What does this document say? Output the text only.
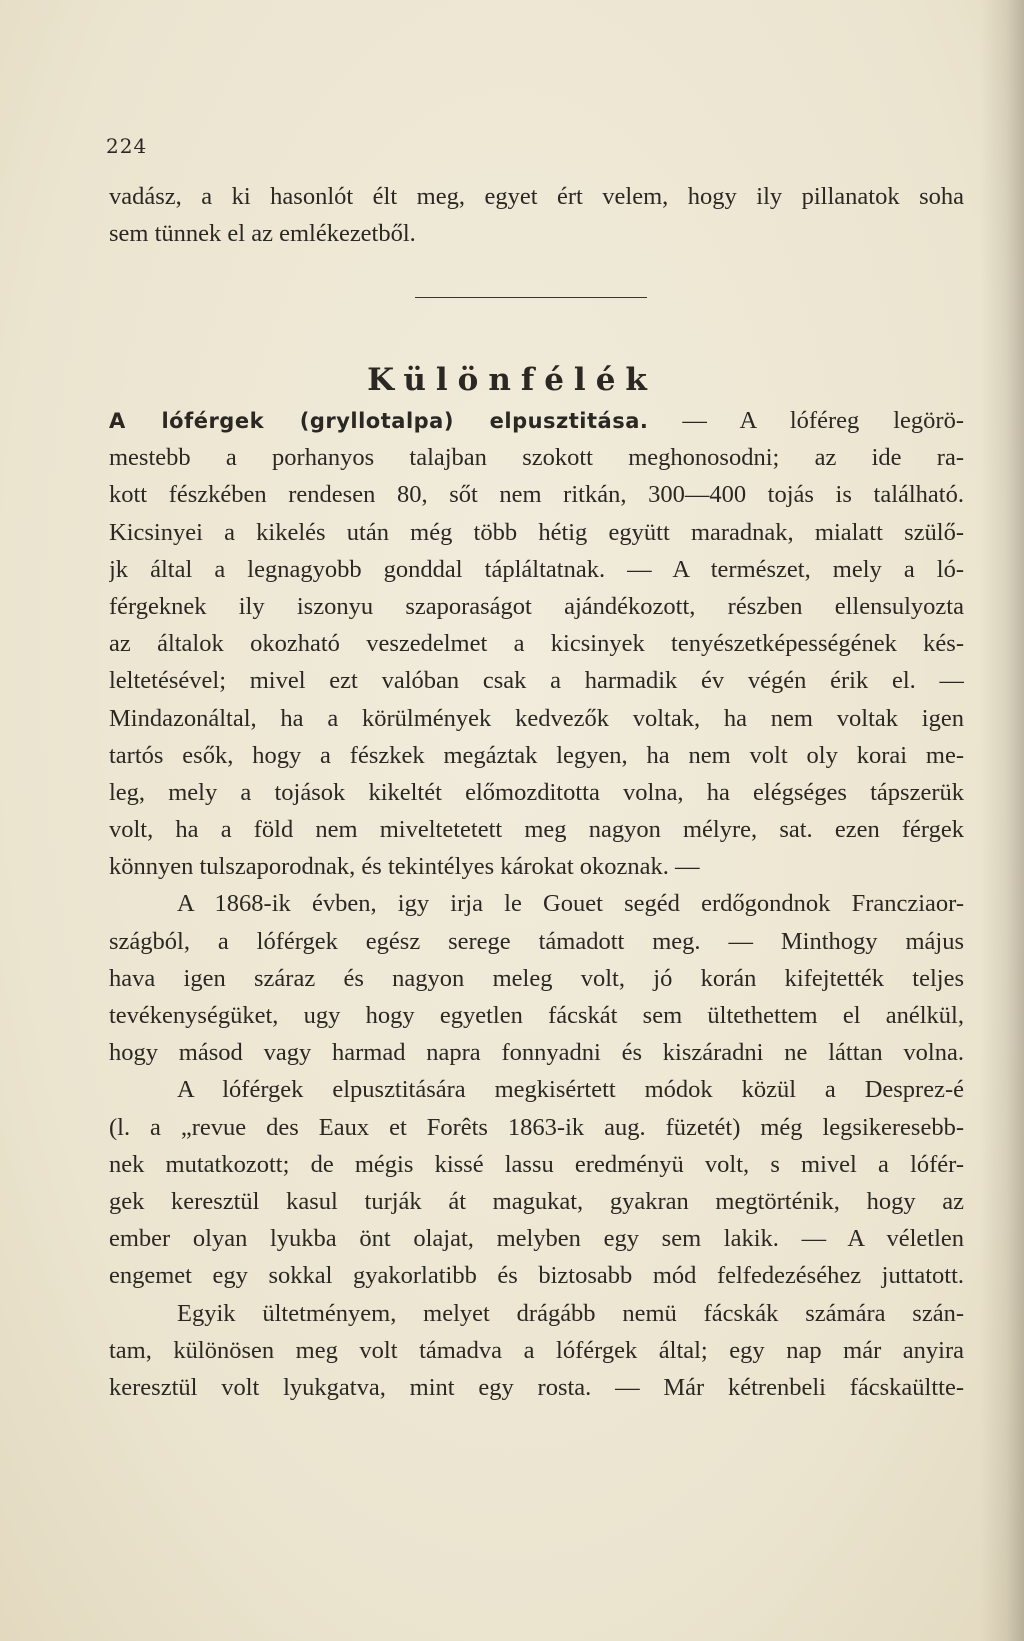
224
vadász, a ki hasonlót élt meg, egyet ért velem, hogy ily pillanatok soha
sem tünnek el az emlékezetből.
Különfélék
A lóférgek (gryllotalpa) elpusztitása. — A lóféreg legörö-
mestebb a porhanyos talajban szokott meghonosodni; az ide ra-
kott fészkében rendesen 80, sőt nem ritkán, 300—400 tojás is található.
Kicsinyei a kikelés után még több hétig együtt maradnak, mialatt szülő-
jk által a legnagyobb gonddal tápláltatnak. — A természet, mely a ló-
férgeknek ily iszonyu szaporaságot ajándékozott, részben ellensulyozta
az általok okozható veszedelmet a kicsinyek tenyészetképességének kés-
leltetésével; mivel ezt valóban csak a harmadik év végén érik el. —
Mindazonáltal, ha a körülmények kedvezők voltak, ha nem voltak igen
tartós esők, hogy a fészkek megáztak legyen, ha nem volt oly korai me-
leg, mely a tojások kikeltét előmozditotta volna, ha elégséges tápszerük
volt, ha a föld nem miveltetetett meg nagyon mélyre, sat. ezen férgek
könnyen tulszaporodnak, és tekintélyes károkat okoznak. —
A 1868-ik évben, igy irja le Gouet segéd erdőgondnok Francziaor-
szágból, a lóférgek egész serege támadott meg. — Minthogy május
hava igen száraz és nagyon meleg volt, jó korán kifejtették teljes
tevékenységüket, ugy hogy egyetlen fácskát sem ültethettem el anélkül,
hogy másod vagy harmad napra fonnyadni és kiszáradni ne láttan volna.
A lóférgek elpusztitására megkisértett módok közül a Desprez-é
(l. a „revue des Eaux et Forêts 1863-ik aug. füzetét) még legsikeresebb-
nek mutatkozott; de mégis kissé lassu eredményü volt, s mivel a lófér-
gek keresztül kasul turják át magukat, gyakran megtörténik, hogy az
ember olyan lyukba önt olajat, melyben egy sem lakik. — A véletlen
engemet egy sokkal gyakorlatibb és biztosabb mód felfedezéséhez juttatott.
Egyik ültetményem, melyet drágább nemü fácskák számára szán-
tam, különösen meg volt támadva a lóférgek által; egy nap már anyira
keresztül volt lyukgatva, mint egy rosta. — Már kétrenbeli fácskaültte-
